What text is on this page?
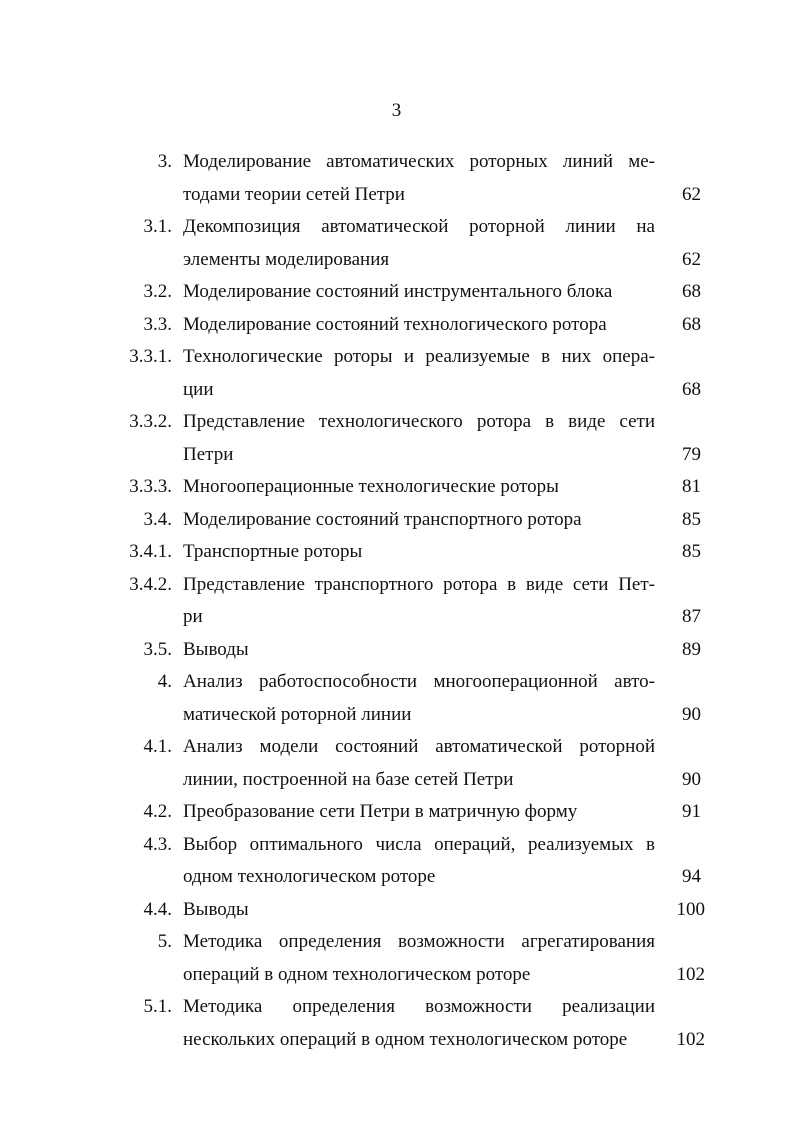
3
3. Моделирование автоматических роторных линий ме-
тодами теории сетей Петри	62
3.1. Декомпозиция автоматической роторной линии на
элементы моделирования	62
3.2. Моделирование состояний инструментального блока	68
3.3. Моделирование состояний технологического ротора	68
3.3.1. Технологические роторы и реализуемые в них опера-
ции	68
3.3.2. Представление технологического ротора в виде сети
Петри	79
3.3.3. Многооперационные технологические роторы	81
3.4. Моделирование состояний транспортного ротора	85
3.4.1. Транспортные роторы	85
3.4.2. Представление транспортного ротора в виде сети Пет-
ри	87
3.5. Выводы	89
4. Анализ работоспособности многооперационной авто-
матической роторной линии	90
4.1. Анализ модели состояний автоматической роторной
линии, построенной на базе сетей Петри	90
4.2. Преобразование сети Петри в матричную форму	91
4.3. Выбор оптимального числа операций, реализуемых в
одном технологическом роторе	94
4.4. Выводы	100
5. Методика определения возможности агрегатирования
операций в одном технологическом роторе	102
5.1. Методика определения возможности реализации
нескольких операций в одном технологическом роторе	102
